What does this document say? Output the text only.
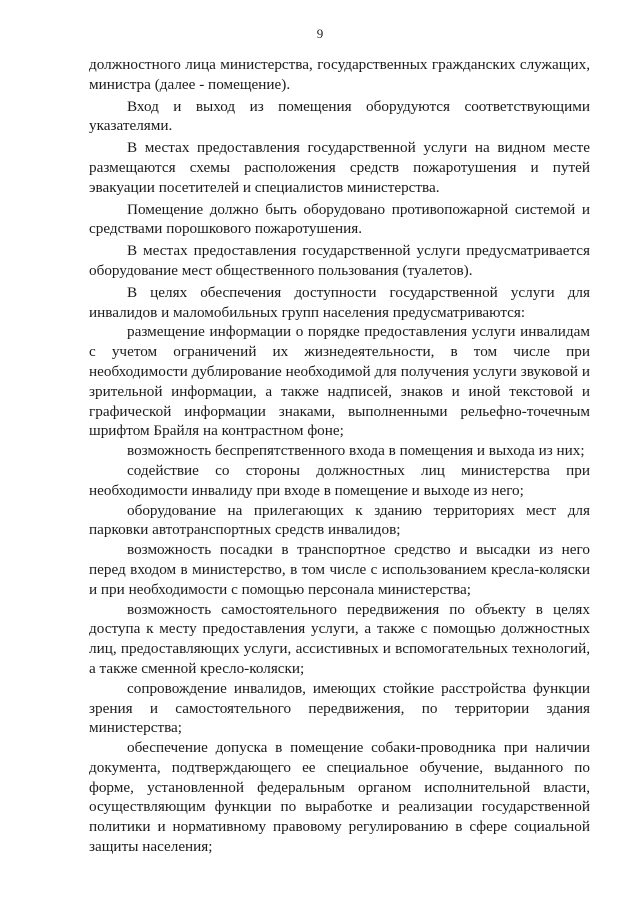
9

должностного лица министерства, государственных гражданских служащих, министра (далее - помещение).

Вход и выход из помещения оборудуются соответствующими указателями.

В местах предоставления государственной услуги на видном месте размещаются схемы расположения средств пожаротушения и путей эвакуации посетителей и специалистов министерства.

Помещение должно быть оборудовано противопожарной системой и средствами порошкового пожаротушения.

В местах предоставления государственной услуги предусматривается оборудование мест общественного пользования (туалетов).

В целях обеспечения доступности государственной услуги для инвалидов и маломобильных групп населения предусматриваются:

размещение информации о порядке предоставления услуги инвалидам с учетом ограничений их жизнедеятельности, в том числе при необходимости дублирование необходимой для получения услуги звуковой и зрительной информации, а также надписей, знаков и иной текстовой и графической информации знаками, выполненными рельефно-точечным шрифтом Брайля на контрастном фоне;

возможность беспрепятственного входа в помещения и выхода из них;

содействие со стороны должностных лиц министерства при необходимости инвалиду при входе в помещение и выходе из него;

оборудование на прилегающих к зданию территориях мест для парковки автотранспортных средств инвалидов;

возможность посадки в транспортное средство и высадки из него перед входом в министерство, в том числе с использованием кресла-коляски и при необходимости с помощью персонала министерства;

возможность самостоятельного передвижения по объекту в целях доступа к месту предоставления услуги, а также с помощью должностных лиц, предоставляющих услуги, ассистивных и вспомогательных технологий, а также сменной кресло-коляски;

сопровождение инвалидов, имеющих стойкие расстройства функции зрения и самостоятельного передвижения, по территории здания министерства;

обеспечение допуска в помещение собаки-проводника при наличии документа, подтверждающего ее специальное обучение, выданного по форме, установленной федеральным органом исполнительной власти, осуществляющим функции по выработке и реализации государственной политики и нормативному правовому регулированию в сфере социальной защиты населения;
